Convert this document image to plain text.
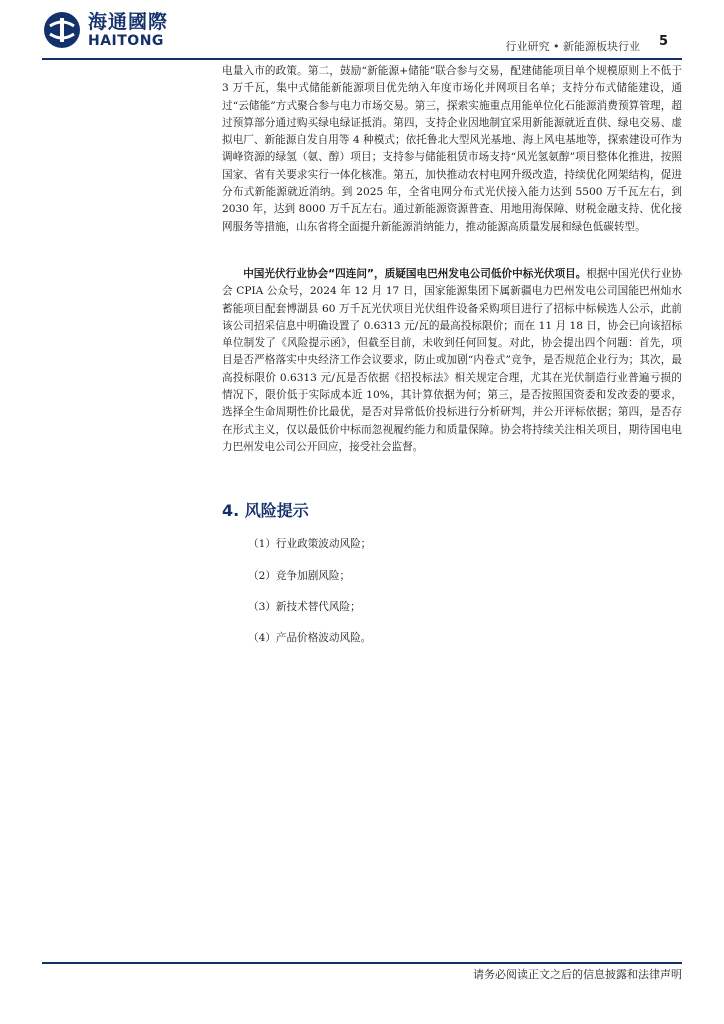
海通國際
HAITONG	行业研究 • 新能源板块行业 5
电量入市的政策。第二，鼓励“新能源+储能”联合参与交易，配建储能项目单个规模原则上不低于 3 万千瓦，集中式储能新能源项目优先纳入年度市场化并网项目名单；支持分布式储能建设，通过“云储能”方式聚合参与电力市场交易。第三，探索实施重点用能单位化石能源消费预算管理，超过预算部分通过购买绿电绿证抵消。第四，支持企业因地制宜采用新能源就近直供、绿电交易、虚拟电厂、新能源自发自用等 4 种模式；依托鲁北大型风光基地、海上风电基地等，探索建设可作为调峰资源的绿氢（氨、醇）项目；支持参与储能租赁市场支持“风光氢氨醇”项目整体化推进，按照国家、省有关要求实行一体化核准。第五，加快推动农村电网升级改造，持续优化网架结构，促进分布式新能源就近消纳。到 2025 年，全省电网分布式光伏接入能力达到 5500 万千瓦左右，到 2030 年，达到 8000 万千瓦左右。通过新能源资源普查、用地用海保障、财税金融支持、优化接网服务等措施，山东省将全面提升新能源消纳能力，推动能源高质量发展和绿色低碳转型。
中国光伏行业协会“四连问”，质疑国电巴州发电公司低价中标光伏项目。根据中国光伏行业协会 CPIA 公众号，2024 年 12 月 17 日，国家能源集团下属新疆电力巴州发电公司国能巴州灿水蓄能项目配套博湖县 60 万千瓦光伏项目光伏组件设备采购项目进行了招标中标候选人公示，此前该公司招采信息中明确设置了 0.6313 元/瓦的最高投标限价；而在 11 月 18 日，协会已向该招标单位制发了《风险提示函》，但截至目前，未收到任何回复。对此，协会提出四个问题：首先，项目是否严格落实中央经济工作会议要求，防止或加剧“内卷式”竞争，是否规范企业行为；其次，最高投标限价 0.6313 元/瓦是否依据《招投标法》相关规定合理，尤其在光伏制造行业普遍亏损的情况下，限价低于实际成本近 10%，其计算依据为何；第三，是否按照国资委和发改委的要求，选择全生命周期性价比最优，是否对异常低价投标进行分析研判，并公开评标依据；第四，是否存在形式主义，仅以最低价中标而忽视履约能力和质量保障。协会将持续关注相关项目，期待国电电力巴州发电公司公开回应，接受社会监督。
4. 风险提示
（1）行业政策波动风险；
（2）竞争加剧风险；
（3）新技术替代风险；
（4）产品价格波动风险。
请务必阅读正文之后的信息披露和法律声明
